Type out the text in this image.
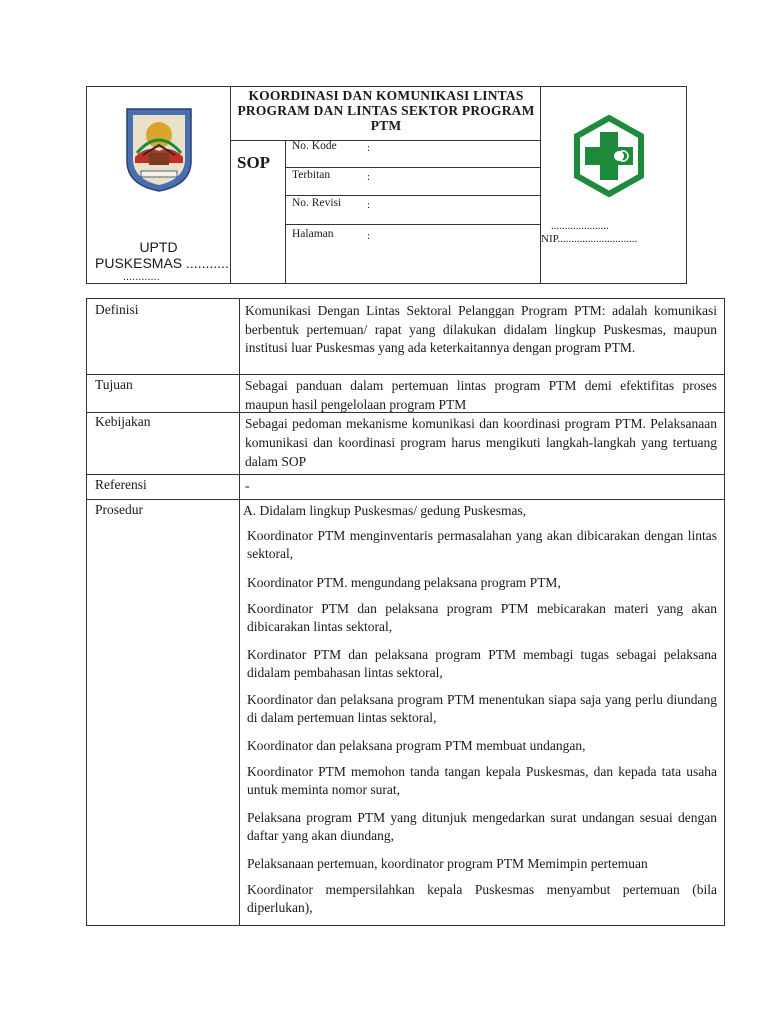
UPTD
PUSKESMAS ...........
............
KOORDINASI DAN KOMUNIKASI LINTAS PROGRAM DAN LINTAS SEKTOR PROGRAM PTM
SOP
No. Kode	:
Terbitan	:
No. Revisi :
Halaman	:
.....................
NIP.............................
Definisi	Komunikasi Dengan Lintas Sektoral Pelanggan Program PTM: adalah komunikasi berbentuk pertemuan/ rapat yang dilakukan didalam lingkup Puskesmas, maupun institusi luar Puskesmas yang ada keterkaitannya dengan program PTM.
Tujuan	Sebagai panduan dalam pertemuan lintas program PTM demi efektifitas proses maupun hasil pengelolaan program PTM
Kebijakan	Sebagai pedoman mekanisme komunikasi dan koordinasi program PTM. Pelaksanaan komunikasi dan koordinasi program harus mengikuti langkah-langkah yang tertuang dalam SOP
Referensi	-
Prosedur	A. Didalam lingkup Puskesmas/ gedung Puskesmas,
Koordinator PTM menginventaris permasalahan yang akan dibicarakan dengan lintas sektoral,
Koordinator PTM. mengundang pelaksana program PTM,
Koordinator PTM dan pelaksana program PTM mebicarakan materi yang akan dibicarakan lintas sektoral,
Kordinator PTM dan pelaksana program PTM membagi tugas sebagai pelaksana didalam pembahasan lintas sektoral,
Koordinator dan pelaksana program PTM menentukan siapa saja yang perlu diundang di dalam pertemuan lintas sektoral,
Koordinator dan pelaksana program PTM membuat undangan,
Koordinator PTM memohon tanda tangan kepala Puskesmas, dan kepada tata usaha untuk meminta nomor surat,
Pelaksana program PTM yang ditunjuk mengedarkan surat undangan sesuai dengan daftar yang akan diundang,
Pelaksanaan pertemuan, koordinator program PTM Memimpin pertemuan
Koordinator mempersilahkan kepala Puskesmas menyambut pertemuan (bila diperlukan),
